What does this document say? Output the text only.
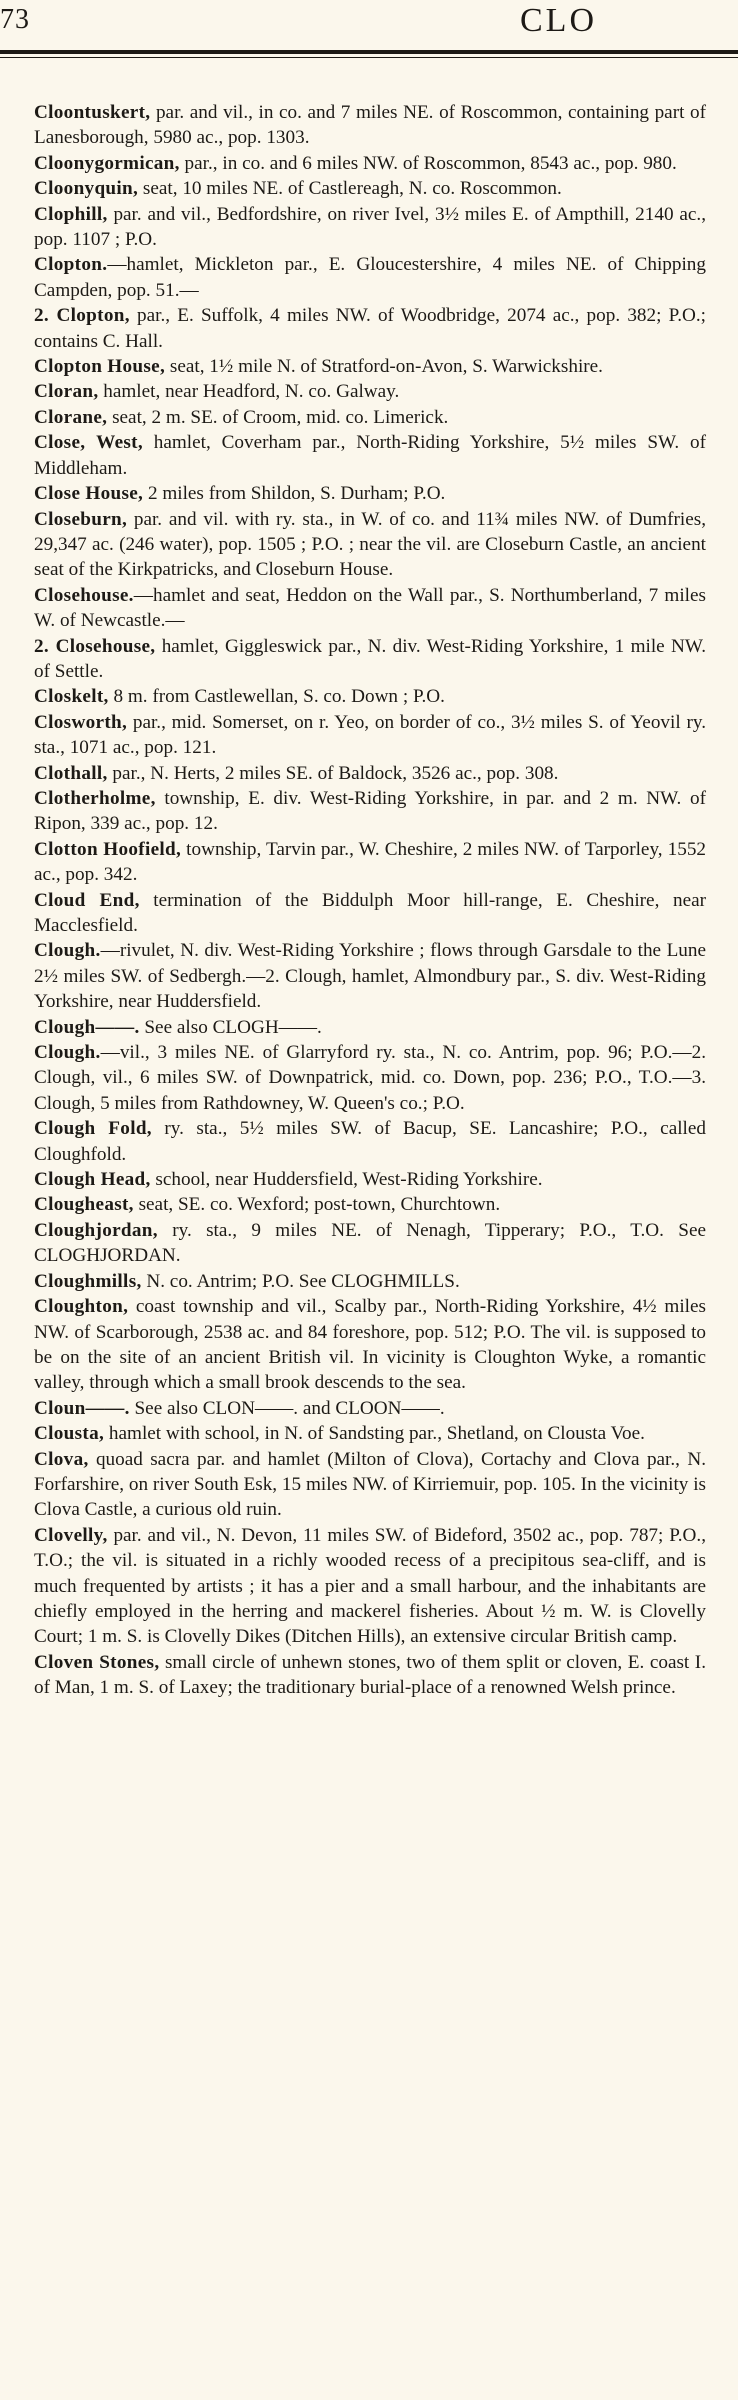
73	CLO
Cloontuskert, par. and vil., in co. and 7 miles NE. of Roscommon, containing part of Lanesborough, 5980 ac., pop. 1303.
Cloonygormican, par., in co. and 6 miles NW. of Roscommon, 8543 ac., pop. 980.
Cloonyquin, seat, 10 miles NE. of Castlereagh, N. co. Roscommon.
Clophill, par. and vil., Bedfordshire, on river Ivel, 3½ miles E. of Ampthill, 2140 ac., pop. 1107 ; P.O.
Clopton.—hamlet, Mickleton par., E. Gloucestershire, 4 miles NE. of Chipping Campden, pop. 51.—
2. Clopton, par., E. Suffolk, 4 miles NW. of Woodbridge, 2074 ac., pop. 382; P.O.; contains C. Hall.
Clopton House, seat, 1½ mile N. of Stratford-on-Avon, S. Warwickshire.
Cloran, hamlet, near Headford, N. co. Galway.
Clorane, seat, 2 m. SE. of Croom, mid. co. Limerick.
Close, West, hamlet, Coverham par., North-Riding Yorkshire, 5½ miles SW. of Middleham.
Close House, 2 miles from Shildon, S. Durham; P.O.
Closeburn, par. and vil. with ry. sta., in W. of co. and 11¾ miles NW. of Dumfries, 29,347 ac. (246 water), pop. 1505 ; P.O. ; near the vil. are Closeburn Castle, an ancient seat of the Kirkpatricks, and Closeburn House.
Closehouse.—hamlet and seat, Heddon on the Wall par., S. Northumberland, 7 miles W. of Newcastle.—
2. Closehouse, hamlet, Giggleswick par., N. div. West-Riding Yorkshire, 1 mile NW. of Settle.
Closkelt, 8 m. from Castlewellan, S. co. Down ; P.O.
Closworth, par., mid. Somerset, on r. Yeo, on border of co., 3½ miles S. of Yeovil ry. sta., 1071 ac., pop. 121.
Clothall, par., N. Herts, 2 miles SE. of Baldock, 3526 ac., pop. 308.
Clotherholme, township, E. div. West-Riding Yorkshire, in par. and 2 m. NW. of Ripon, 339 ac., pop. 12.
Clotton Hoofield, township, Tarvin par., W. Cheshire, 2 miles NW. of Tarporley, 1552 ac., pop. 342.
Cloud End, termination of the Biddulph Moor hill-range, E. Cheshire, near Macclesfield.
Clough.—rivulet, N. div. West-Riding Yorkshire ; flows through Garsdale to the Lune 2½ miles SW. of Sedbergh.—2. Clough, hamlet, Almondbury par., S. div. West-Riding Yorkshire, near Huddersfield.
Clough——. See also CLOGH——.
Clough.—vil., 3 miles NE. of Glarryford ry. sta., N. co. Antrim, pop. 96; P.O.—2. Clough, vil., 6 miles SW. of Downpatrick, mid. co. Down, pop. 236; P.O., T.O.—3. Clough, 5 miles from Rathdowney, W. Queen's co.; P.O.
Clough Fold, ry. sta., 5½ miles SW. of Bacup, SE. Lancashire; P.O., called Cloughfold.
Clough Head, school, near Huddersfield, West-Riding Yorkshire.
Clougheast, seat, SE. co. Wexford; post-town, Churchtown.
Cloughjordan, ry. sta., 9 miles NE. of Nenagh, Tipperary; P.O., T.O. See CLOGHJORDAN.
Cloughmills, N. co. Antrim; P.O. See CLOGHMILLS.
Cloughton, coast township and vil., Scalby par., North-Riding Yorkshire, 4½ miles NW. of Scarborough, 2538 ac. and 84 foreshore, pop. 512; P.O. The vil. is supposed to be on the site of an ancient British vil. In vicinity is Cloughton Wyke, a romantic valley, through which a small brook descends to the sea.
Cloun——. See also CLON——. and CLOON——.
Clousta, hamlet with school, in N. of Sandsting par., Shetland, on Clousta Voe.
Clova, quoad sacra par. and hamlet (Milton of Clova), Cortachy and Clova par., N. Forfarshire, on river South Esk, 15 miles NW. of Kirriemuir, pop. 105. In the vicinity is Clova Castle, a curious old ruin.
Clovelly, par. and vil., N. Devon, 11 miles SW. of Bideford, 3502 ac., pop. 787; P.O., T.O.; the vil. is situated in a richly wooded recess of a precipitous sea-cliff, and is much frequented by artists ; it has a pier and a small harbour, and the inhabitants are chiefly employed in the herring and mackerel fisheries. About ½ m. W. is Clovelly Court; 1 m. S. is Clovelly Dikes (Ditchen Hills), an extensive circular British camp.
Cloven Stones, small circle of unhewn stones, two of them split or cloven, E. coast I. of Man, 1 m. S. of Laxey; the traditionary burial-place of a renowned Welsh prince.
